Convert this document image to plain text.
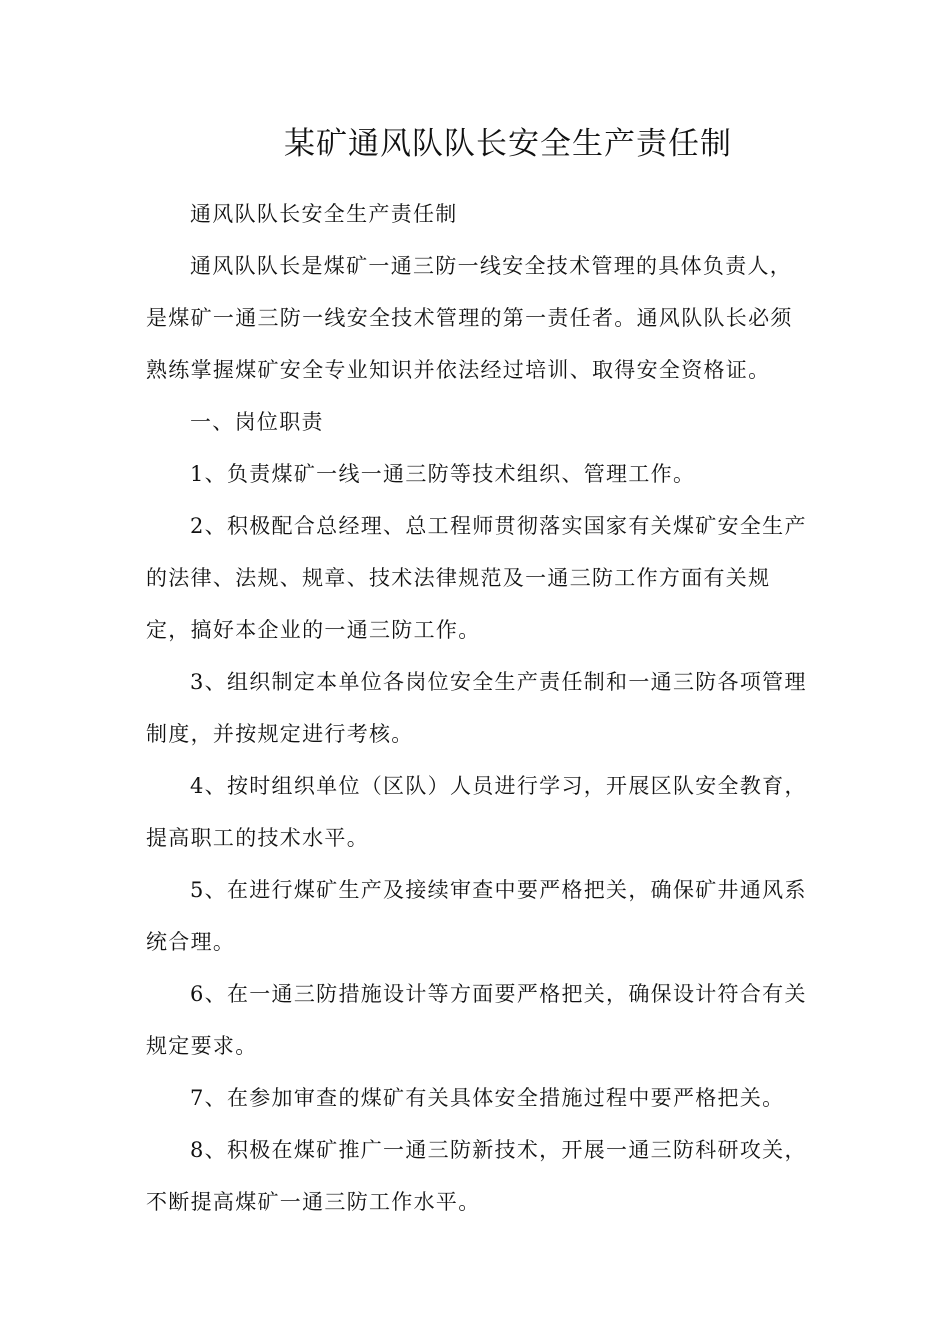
某矿通风队队长安全生产责任制
通风队队长安全生产责任制
通风队队长是煤矿一通三防一线安全技术管理的具体负责人，
是煤矿一通三防一线安全技术管理的第一责任者。通风队队长必须
熟练掌握煤矿安全专业知识并依法经过培训、取得安全资格证。
一、岗位职责
1、负责煤矿一线一通三防等技术组织、管理工作。
2、积极配合总经理、总工程师贯彻落实国家有关煤矿安全生产
的法律、法规、规章、技术法律规范及一通三防工作方面有关规
定，搞好本企业的一通三防工作。
3、组织制定本单位各岗位安全生产责任制和一通三防各项管理
制度，并按规定进行考核。
4、按时组织单位（区队）人员进行学习，开展区队安全教育，
提高职工的技术水平。
5、在进行煤矿生产及接续审查中要严格把关，确保矿井通风系
统合理。
6、在一通三防措施设计等方面要严格把关，确保设计符合有关
规定要求。
7、在参加审查的煤矿有关具体安全措施过程中要严格把关。
8、积极在煤矿推广一通三防新技术，开展一通三防科研攻关，
不断提高煤矿一通三防工作水平。
